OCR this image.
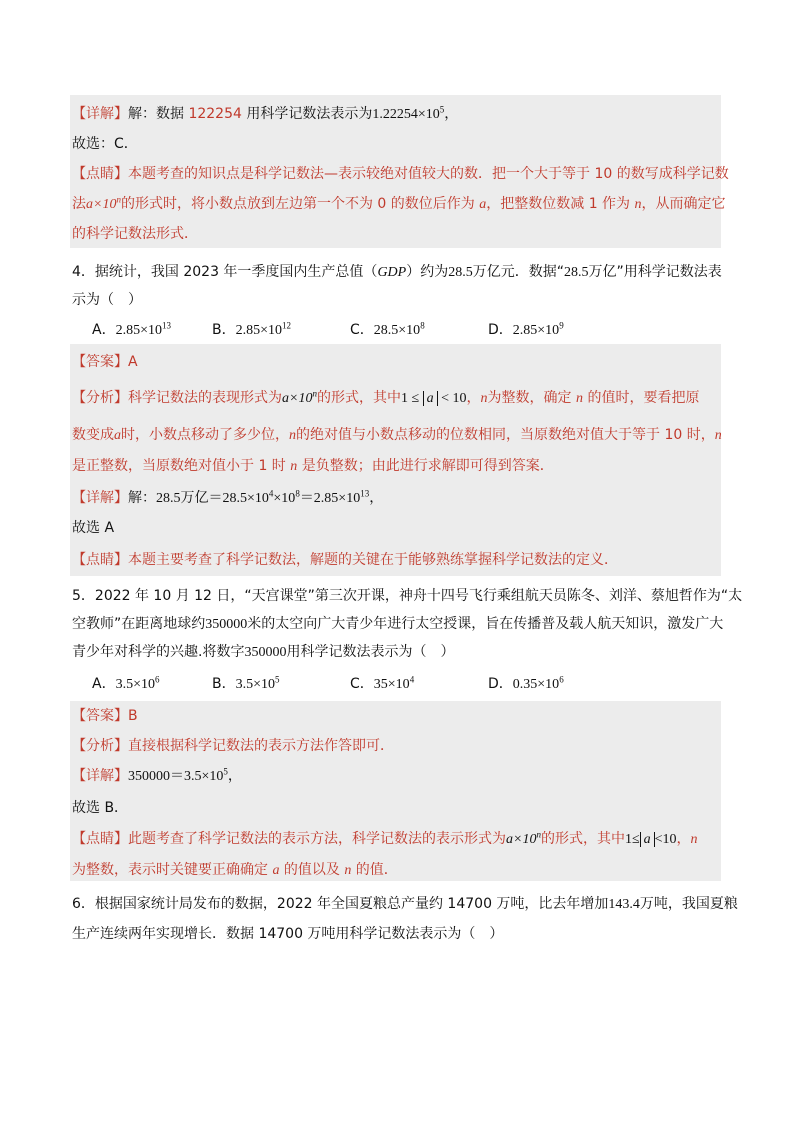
【详解】解：数据 122254 用科学记数法表示为$1.22254\times 10^5$，
故选：C．
【点睛】本题考查的知识点是科学记数法—表示较绝对值较大的数．把一个大于等于 10 的数写成科学记数
法$a\times 10^n$的形式时，将小数点放到左边第一个不为 0 的数位后作为 a，把整数位数减 1 作为 n，从而确定它
的科学记数法形式．
4．据统计，我国 2023 年一季度国内生产总值（GDP）约为28.5万亿元．数据“28.5万亿”用科学记数法表
示为（　）
A．$2.85\times 10^{13}$	B．$2.85\times 10^{12}$	C．$28.5\times 10^8$	D．$2.85\times 10^9$
【答案】A
【分析】科学记数法的表现形式为$a\times 10^n$的形式，其中1 ≤ a < 10，n为整数，确定 n 的值时，要看把原
数变成a时，小数点移动了多少位，n的绝对值与小数点移动的位数相同，当原数绝对值大于等于 10 时，n
是正整数，当原数绝对值小于 1 时 n 是负整数；由此进行求解即可得到答案．
【详解】解：28.5万亿$=28.5\times 10^4\times 10^8=2.85\times 10^{13}$，
故选 A
【点睛】本题主要考查了科学记数法，解题的关键在于能够熟练掌握科学记数法的定义．
5．2022 年 10 月 12 日，“天宫课堂”第三次开课，神舟十四号飞行乘组航天员陈冬、刘洋、蔡旭哲作为“太
空教师”在距离地球约350000米的太空向广大青少年进行太空授课，旨在传播普及载人航天知识，激发广大
青少年对科学的兴趣.将数字350000用科学记数法表示为（　）
A．$3.5\times 10^6$	B．$3.5\times 10^5$	C．$35\times 10^4$	D．$0.35\times 10^6$
【答案】B
【分析】直接根据科学记数法的表示方法作答即可．
【详解】$350000=3.5\times 10^5$，
故选 B．
【点睛】此题考查了科学记数法的表示方法，科学记数法的表示形式为$a\times 10^n$的形式，其中1≤ a <10，n
为整数，表示时关键要正确确定 a 的值以及 n 的值．
6．根据国家统计局发布的数据，2022 年全国夏粮总产量约 14700 万吨，比去年增加143.4万吨，我国夏粮
生产连续两年实现增长．数据 14700 万吨用科学记数法表示为（　）
